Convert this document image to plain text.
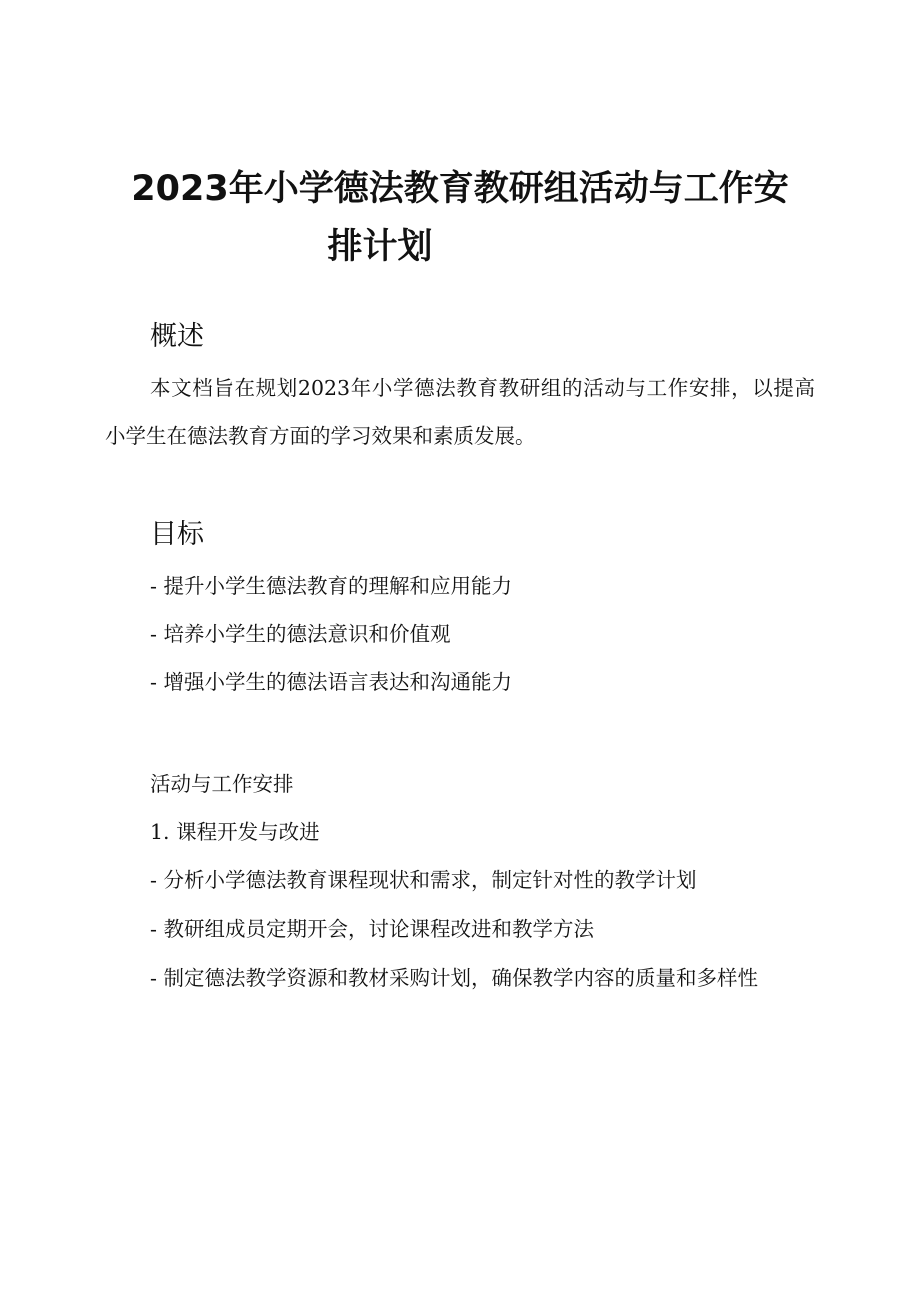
2023年小学德法教育教研组活动与工作安
排计划
概述

本文档旨在规划2023年小学德法教育教研组的活动与工作安排，以提高小学生在德法教育方面的学习效果和素质发展。

目标

- 提升小学生德法教育的理解和应用能力

- 培养小学生的德法意识和价值观

- 增强小学生的德法语言表达和沟通能力

活动与工作安排

1. 课程开发与改进

- 分析小学德法教育课程现状和需求，制定针对性的教学计划

- 教研组成员定期开会，讨论课程改进和教学方法

- 制定德法教学资源和教材采购计划，确保教学内容的质量和多样性
